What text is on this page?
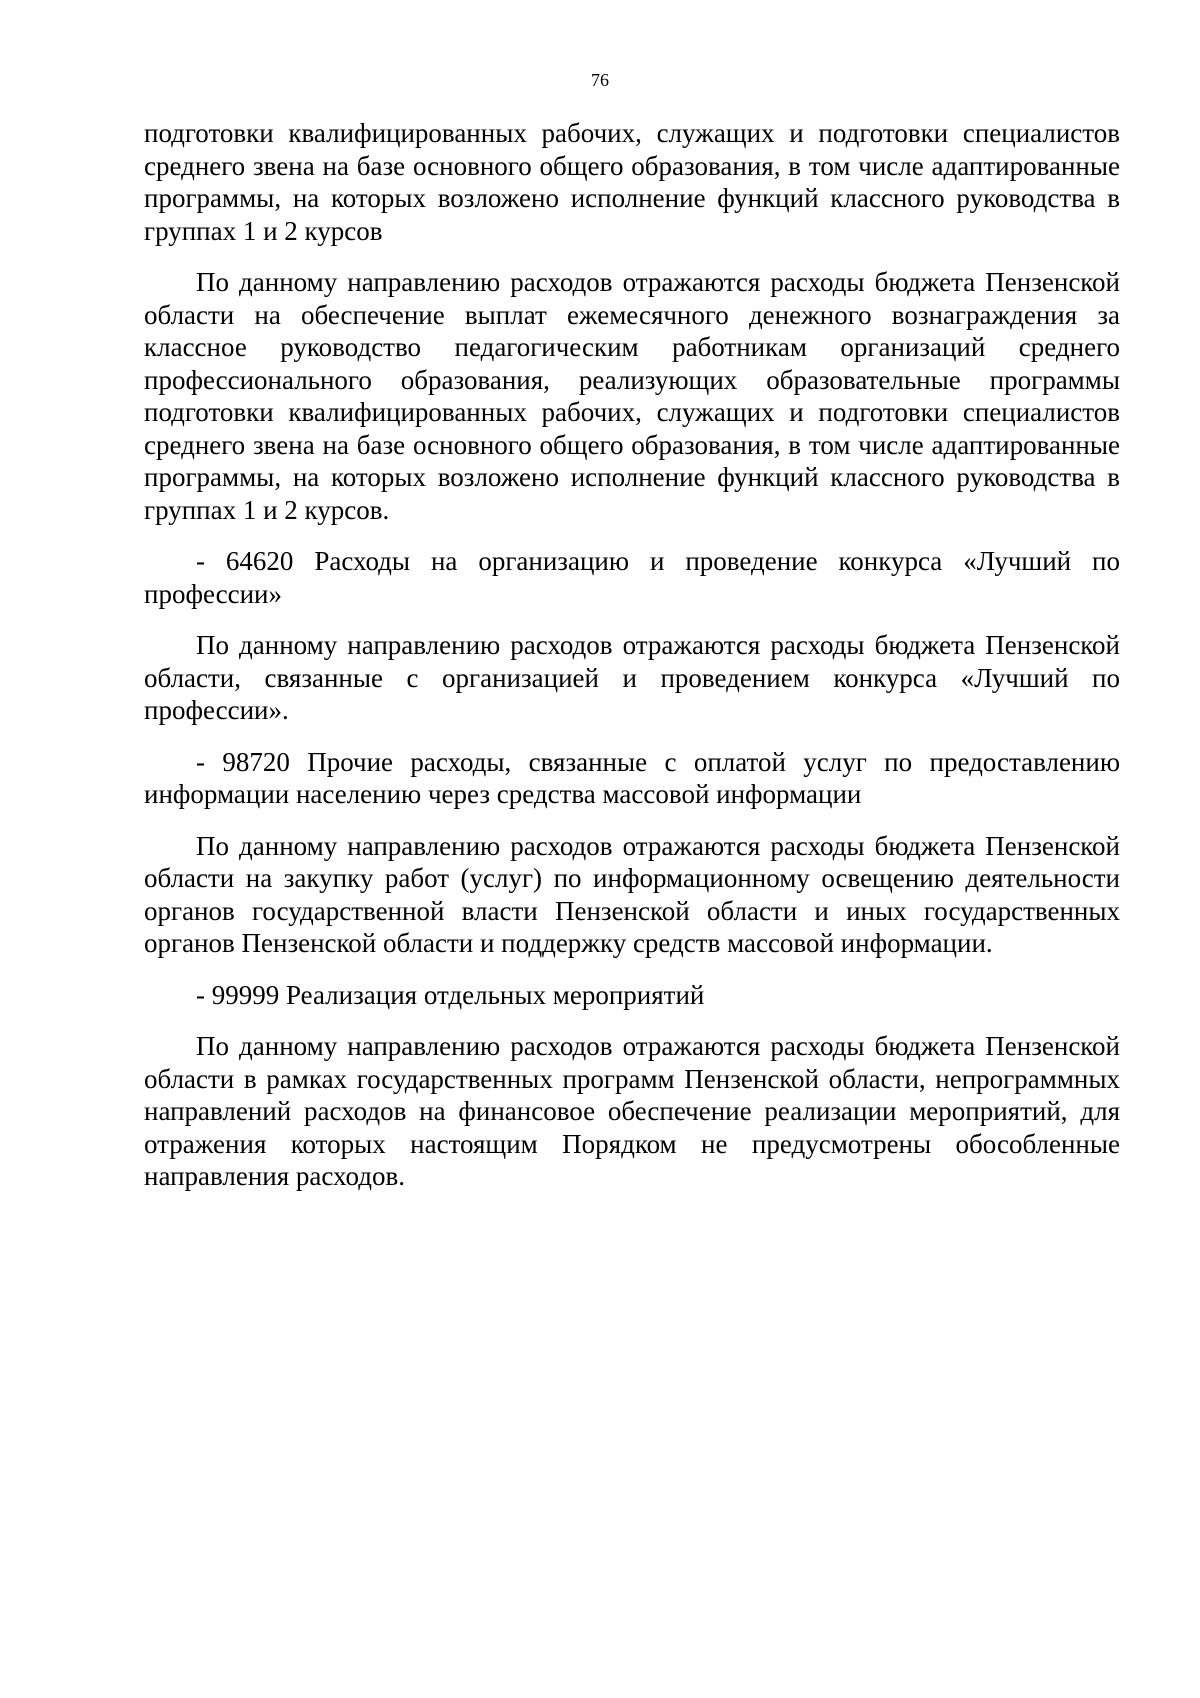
76

подготовки квалифицированных рабочих, служащих и подготовки специалистов среднего звена на базе основного общего образования, в том числе адаптированные программы, на которых возложено исполнение функций классного руководства в группах 1 и 2 курсов

По данному направлению расходов отражаются расходы бюджета Пензенской области на обеспечение выплат ежемесячного денежного вознаграждения за классное руководство педагогическим работникам организаций среднего профессионального образования, реализующих образовательные программы подготовки квалифицированных рабочих, служащих и подготовки специалистов среднего звена на базе основного общего образования, в том числе адаптированные программы, на которых возложено исполнение функций классного руководства в группах 1 и 2 курсов.

- 64620 Расходы на организацию и проведение конкурса «Лучший по профессии»

По данному направлению расходов отражаются расходы бюджета Пензенской области, связанные с организацией и проведением конкурса «Лучший по профессии».

- 98720 Прочие расходы, связанные с оплатой услуг по предоставлению информации населению через средства массовой информации

По данному направлению расходов отражаются расходы бюджета Пензенской области на закупку работ (услуг) по информационному освещению деятельности органов государственной власти Пензенской области и иных государственных органов Пензенской области и поддержку средств массовой информации.

- 99999 Реализация отдельных мероприятий

По данному направлению расходов отражаются расходы бюджета Пензенской области в рамках государственных программ Пензенской области, непрограммных направлений расходов на финансовое обеспечение реализации мероприятий, для отражения которых настоящим Порядком не предусмотрены обособленные направления расходов.
